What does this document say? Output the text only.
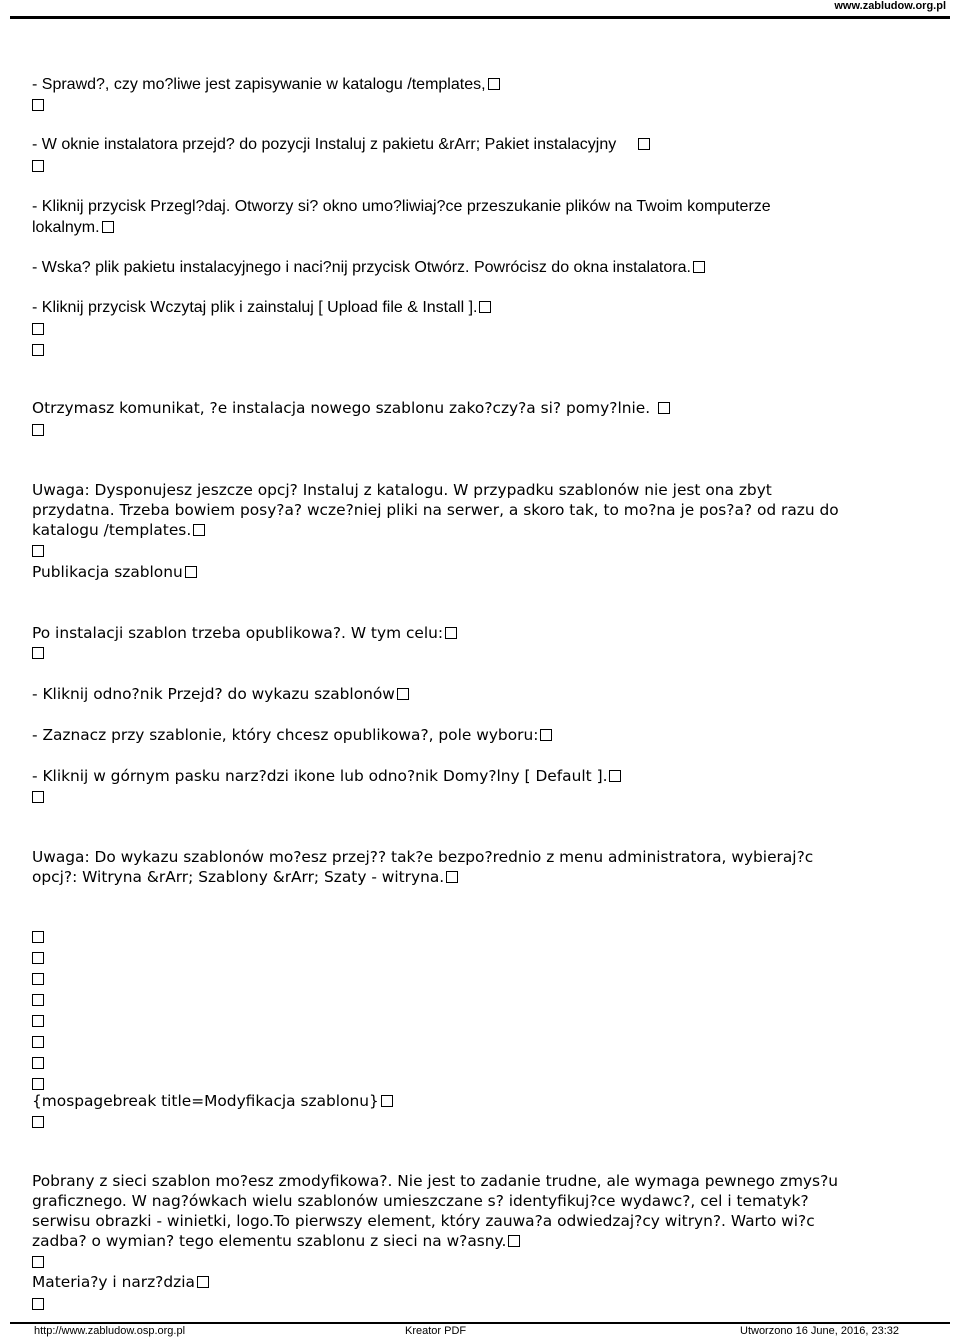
www.zabludow.org.pl
- Sprawd?, czy mo?liwe jest zapisywanie w katalogu /templates,
- W oknie instalatora przejd? do pozycji Instaluj z pakietu &rArr; Pakiet instalacyjny
- Kliknij przycisk Przegl?daj. Otworzy si? okno umo?liwiaj?ce przeszukanie plików na Twoim komputerze
lokalnym.
- Wska? plik pakietu instalacyjnego i naci?nij przycisk Otwórz. Powrócisz do okna instalatora.
- Kliknij przycisk Wczytaj plik i zainstaluj [ Upload file & Install ].
Otrzymasz komunikat, ?e instalacja nowego szablonu zako?czy?a si? pomy?lnie.
Uwaga: Dysponujesz jeszcze opcj? Instaluj z katalogu. W przypadku szablonów nie jest ona zbyt
przydatna. Trzeba bowiem posy?a? wcze?niej pliki na serwer, a skoro tak, to mo?na je pos?a? od razu do
katalogu /templates.
Publikacja szablonu
Po instalacji szablon trzeba opublikowa?. W tym celu:
- Kliknij odno?nik Przejd? do wykazu szablonów
- Zaznacz przy szablonie, który chcesz opublikowa?, pole wyboru:
- Kliknij w górnym pasku narz?dzi ikone lub odno?nik Domy?lny [ Default ].
Uwaga: Do wykazu szablonów mo?esz przej?? tak?e bezpo?rednio z menu administratora, wybieraj?c
opcj?: Witryna &rArr; Szablony &rArr; Szaty - witryna.
{mospagebreak title=Modyfikacja szablonu}
Pobrany z sieci szablon mo?esz zmodyfikowa?. Nie jest to zadanie trudne, ale wymaga pewnego zmys?u
graficznego. W nag?ówkach wielu szablonów umieszczane s? identyfikuj?ce wydawc?, cel i tematyk?
serwisu obrazki - winietki, logo.To pierwszy element, który zauwa?a odwiedzaj?cy witryn?. Warto wi?c
zadba? o wymian? tego elementu szablonu z sieci na w?asny.
Materia?y i narz?dzia
http://www.zabludow.osp.org.pl	Kreator PDF	Utworzono 16 June, 2016, 23:32
